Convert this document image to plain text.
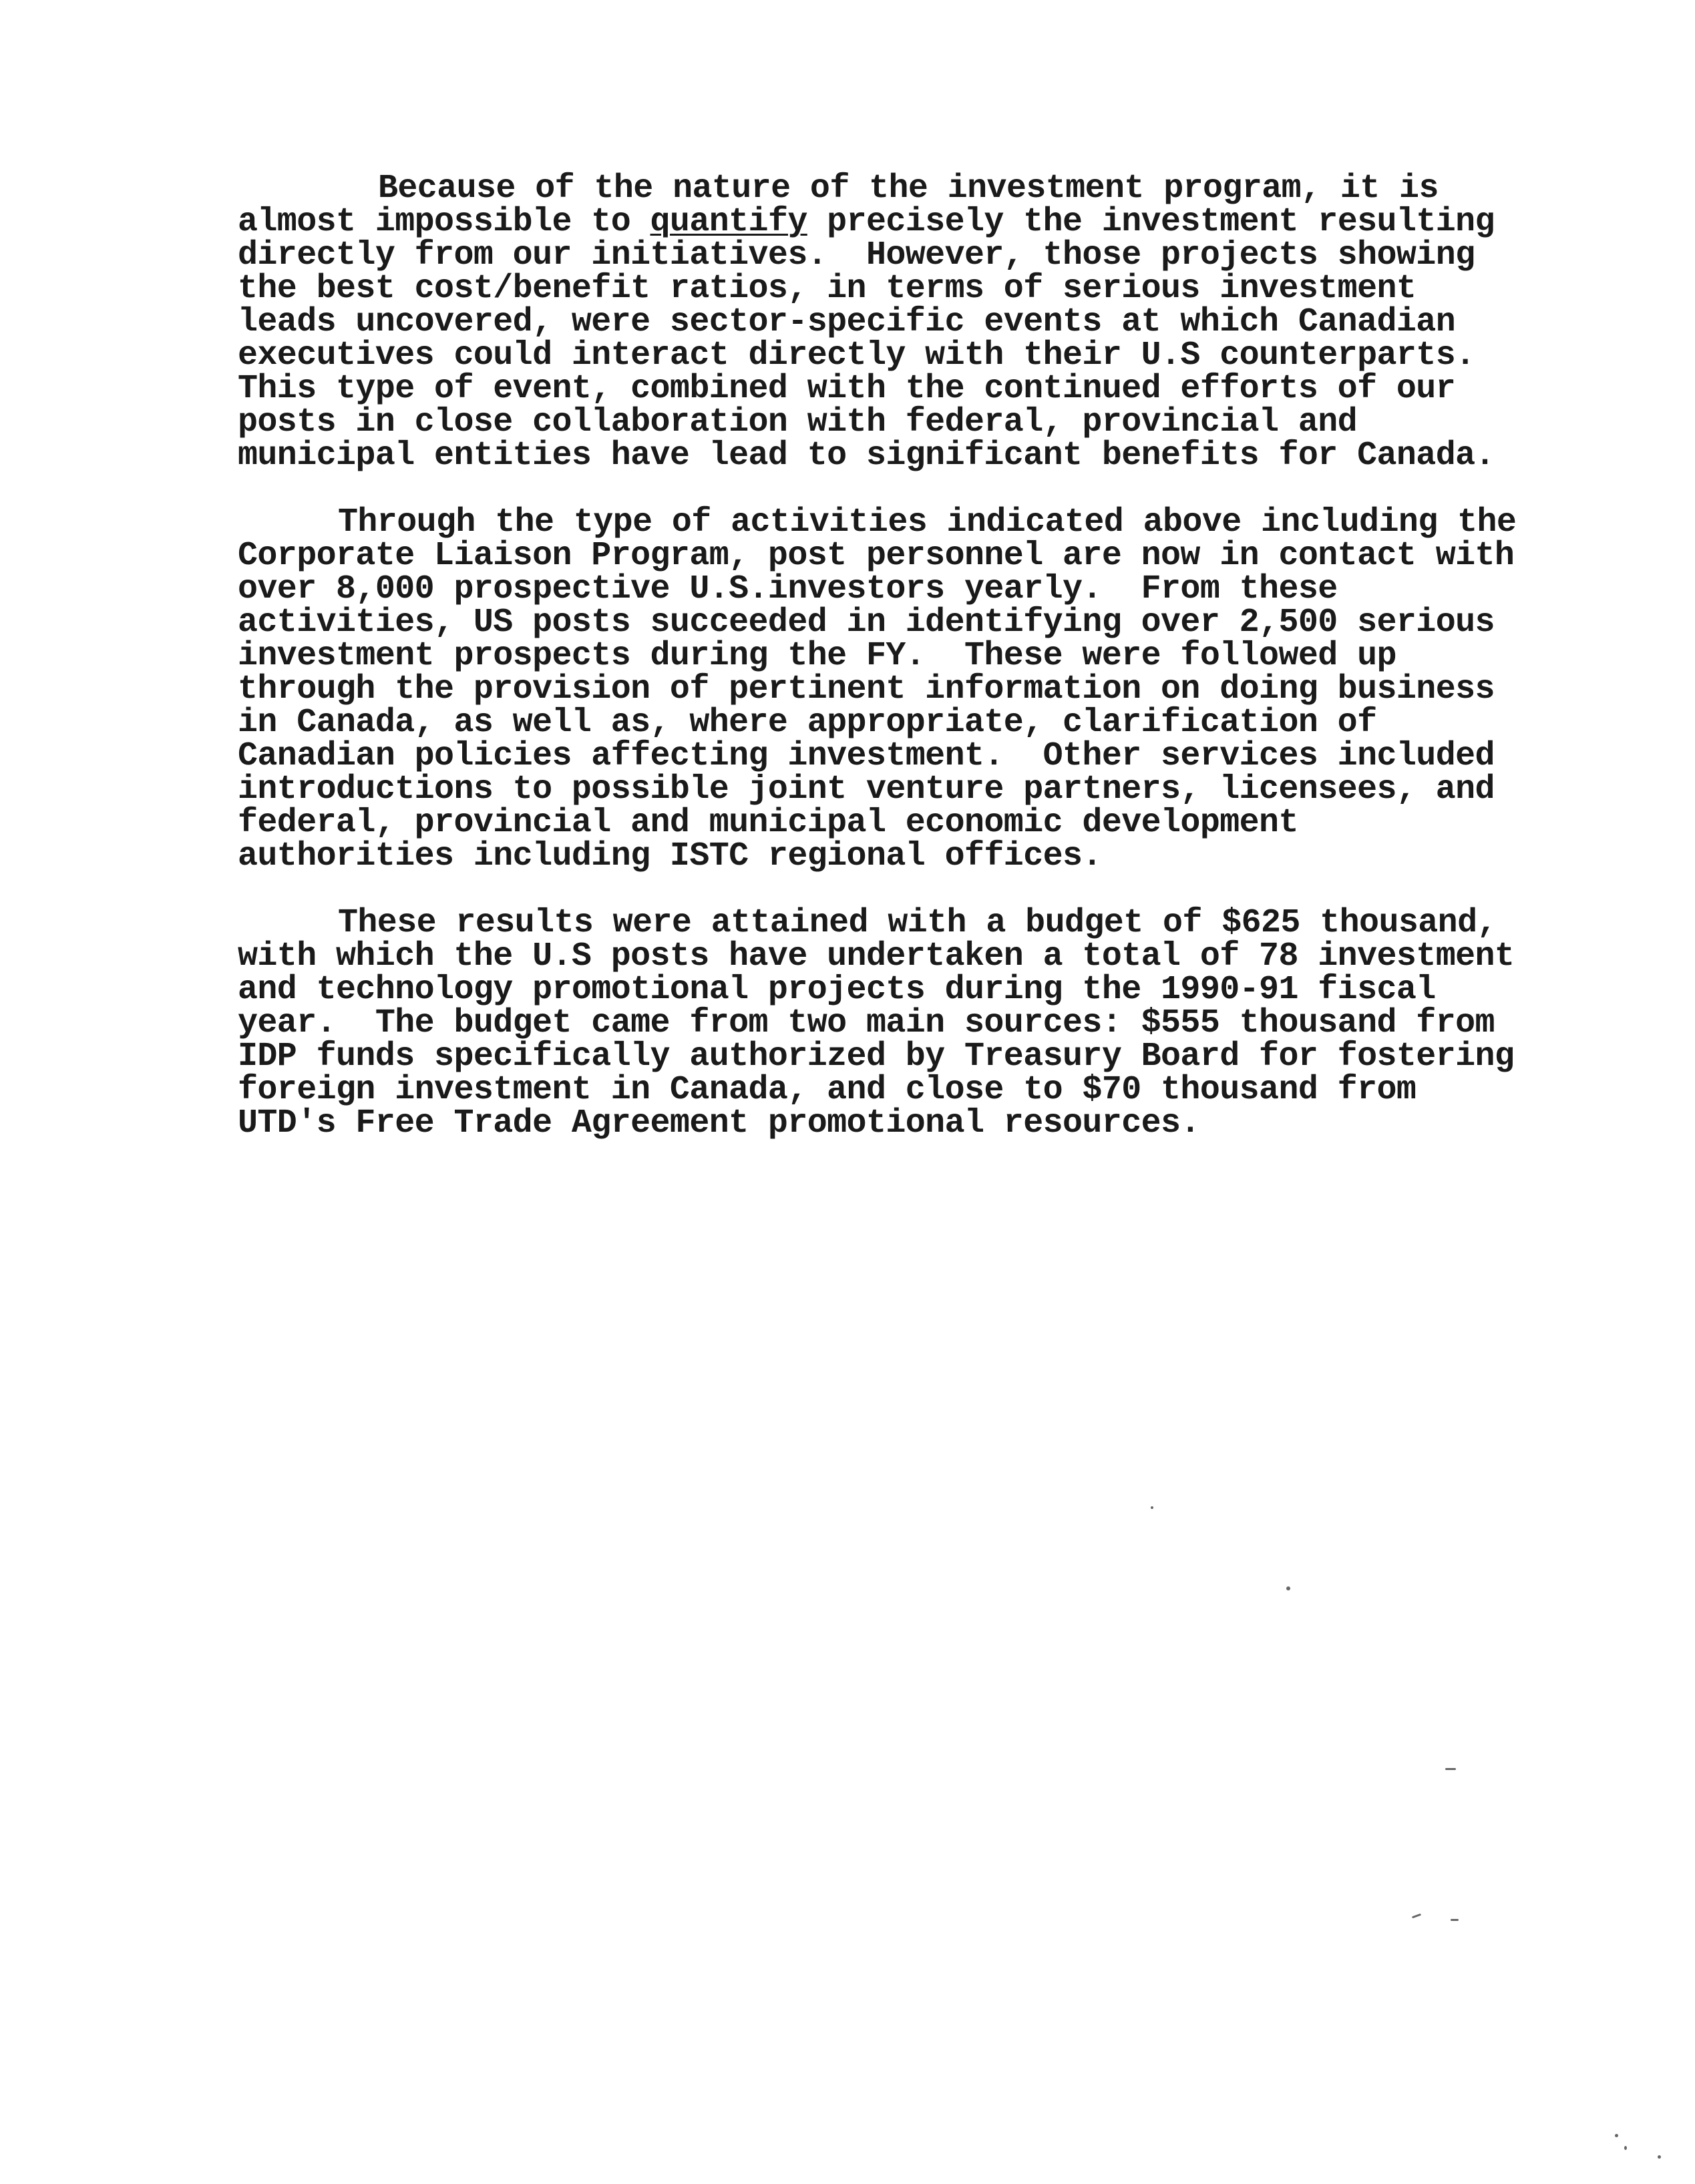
Because of the nature of the investment program, it is
almost impossible to quantify precisely the investment resulting
directly from our initiatives.  However, those projects showing
the best cost/benefit ratios, in terms of serious investment
leads uncovered, were sector-specific events at which Canadian
executives could interact directly with their U.S counterparts.
This type of event, combined with the continued efforts of our
posts in close collaboration with federal, provincial and
municipal entities have lead to significant benefits for Canada.
Through the type of activities indicated above including the
Corporate Liaison Program, post personnel are now in contact with
over 8,000 prospective U.S.investors yearly.  From these
activities, US posts succeeded in identifying over 2,500 serious
investment prospects during the FY.  These were followed up
through the provision of pertinent information on doing business
in Canada, as well as, where appropriate, clarification of
Canadian policies affecting investment.  Other services included
introductions to possible joint venture partners, licensees, and
federal, provincial and municipal economic development
authorities including ISTC regional offices.
These results were attained with a budget of $625 thousand,
with which the U.S posts have undertaken a total of 78 investment
and technology promotional projects during the 1990-91 fiscal
year.  The budget came from two main sources: $555 thousand from
IDP funds specifically authorized by Treasury Board for fostering
foreign investment in Canada, and close to $70 thousand from
UTD's Free Trade Agreement promotional resources.
